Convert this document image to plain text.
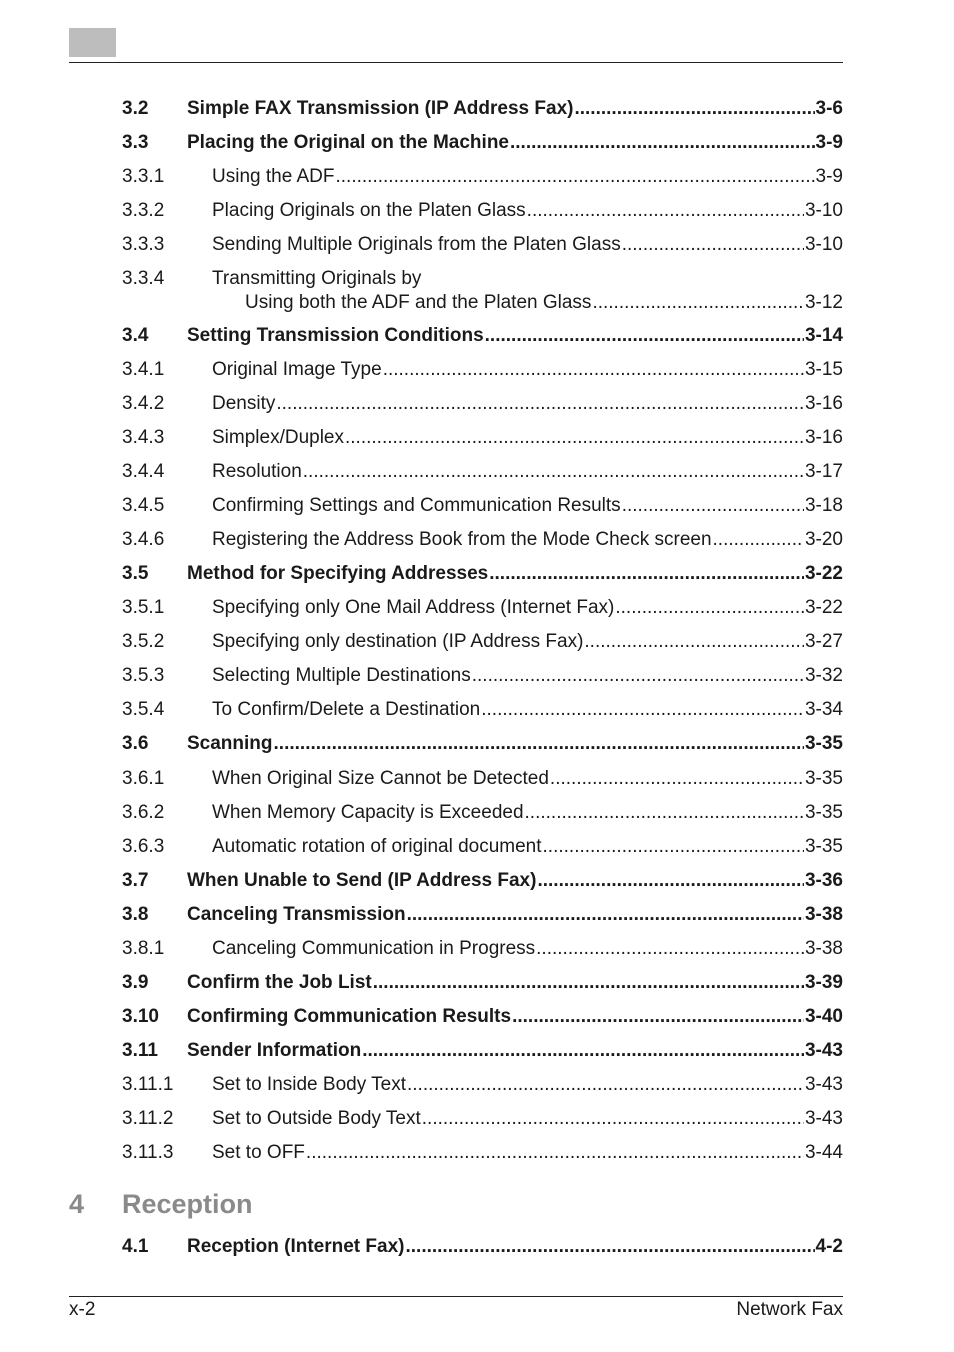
3.2 Simple FAX Transmission (IP Address Fax) .....	3-6
3.3 Placing the Original on the Machine .....	3-9
3.3.1	Using the ADF .....	3-9
3.3.2	Placing Originals on the Platen Glass .....	3-10
3.3.3	Sending Multiple Originals from the Platen Glass .....	3-10
3.3.4	Transmitting Originals by
Using both the ADF and the Platen Glass .....	3-12
3.4 Setting Transmission Conditions .....	3-14
3.4.1	Original Image Type .....	3-15
3.4.2	Density .....	3-16
3.4.3	Simplex/Duplex .....	3-16
3.4.4	Resolution .....	3-17
3.4.5	Confirming Settings and Communication Results .....	3-18
3.4.6	Registering the Address Book from the Mode Check screen .....	3-20
3.5 Method for Specifying Addresses .....	3-22
3.5.1	Specifying only One Mail Address (Internet Fax) .....	3-22
3.5.2	Specifying only destination (IP Address Fax) .....	3-27
3.5.3	Selecting Multiple Destinations .....	3-32
3.5.4	To Confirm/Delete a Destination .....	3-34
3.6 Scanning .....	3-35
3.6.1	When Original Size Cannot be Detected .....	3-35
3.6.2	When Memory Capacity is Exceeded .....	3-35
3.6.3	Automatic rotation of original document .....	3-35
3.7 When Unable to Send (IP Address Fax) .....	3-36
3.8 Canceling Transmission .....	3-38
3.8.1	Canceling Communication in Progress .....	3-38
3.9 Confirm the Job List .....	3-39
3.10 Confirming Communication Results .....	3-40
3.11 Sender Information .....	3-43
3.11.1 Set to Inside Body Text .....	3-43
3.11.2 Set to Outside Body Text .....	3-43
3.11.3 Set to OFF .....	3-44
4 Reception
4.1 Reception (Internet Fax) .....	4-2
x-2	Network Fax
